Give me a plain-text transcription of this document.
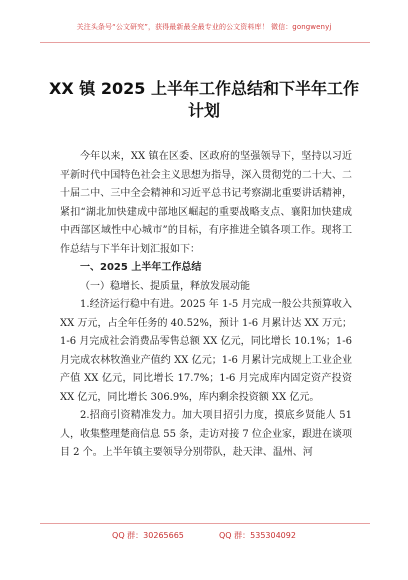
关注头条号“公文研究”，获得最新最全最专业的公文资料库！ 微信：gongwenyj
XX 镇 2025 上半年工作总结和下半年工作计划

今年以来，XX 镇在区委、区政府的坚强领导下，坚持以习近平新时代中国特色社会主义思想为指导，深入贯彻党的二十大、二十届二中、三中全会精神和习近平总书记考察湖北重要讲话精神，紧扣“湖北加快建成中部地区崛起的重要战略支点、襄阳加快建成中西部区域性中心城市”的目标，有序推进全镇各项工作。现将工作总结与下半年计划汇报如下：

一、2025 上半年工作总结

（一）稳增长、提质量，释放发展动能

1.经济运行稳中有进。2025 年 1-5 月完成一般公共预算收入 XX 万元，占全年任务的 40.52%，预计 1-6 月累计达 XX 万元；1-6 月完成社会消费品零售总额 XX 亿元，同比增长 10.1%；1-6 月完成农林牧渔业产值约 XX 亿元；1-6 月累计完成规上工业企业产值 XX 亿元，同比增长 17.7%；1-6 月完成库内固定资产投资 XX 亿元，同比增长 306.9%，库内剩余投资额 XX 亿元。

2.招商引资精准发力。加大项目招引力度，摸底乡贤能人 51 人，收集整理楚商信息 55 条，走访对接 7 位企业家，跟进在谈项目 2 个。上半年镇主要领导分别带队，赴天津、温州、河

QQ 群：30265665	QQ 群：535304092
